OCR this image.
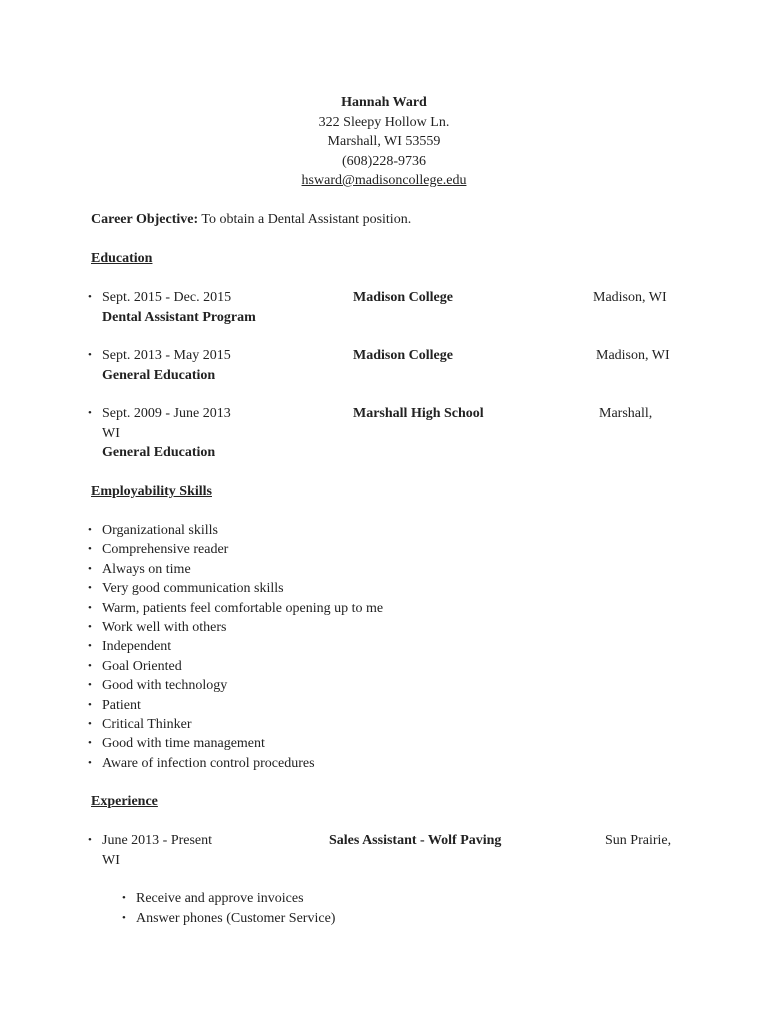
Hannah Ward
322 Sleepy Hollow Ln.
Marshall, WI 53559
(608)228-9736
hsward@madisoncollege.edu
Career Objective: To obtain a Dental Assistant position.
Education
• Sept. 2015 - Dec. 2015	Madison College	Madison, WI
Dental Assistant Program
• Sept. 2013 - May 2015	Madison College	Madison, WI
General Education
• Sept. 2009 - June 2013	Marshall High School	Marshall,
WI
General Education
Employability Skills
• Organizational skills
• Comprehensive reader
• Always on time
• Very good communication skills
• Warm, patients feel comfortable opening up to me
• Work well with others
• Independent
• Goal Oriented
• Good with technology
• Patient
• Critical Thinker
• Good with time management
• Aware of infection control procedures
Experience
• June 2013 - Present	Sales Assistant - Wolf Paving	Sun Prairie,
WI
• Receive and approve invoices
• Answer phones (Customer Service)
